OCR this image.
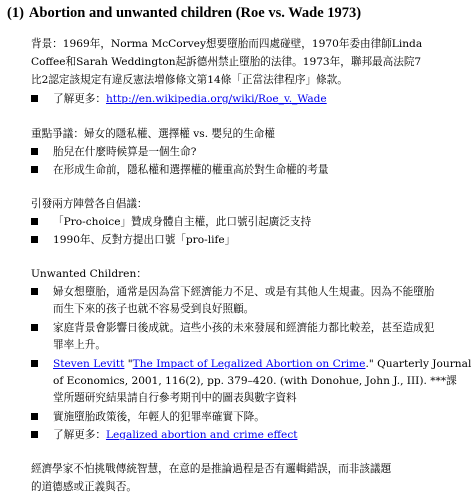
(1) Abortion and unwanted children (Roe vs. Wade 1973)
背景：1969年，Norma McCorvey想要墮胎而四處碰壁，1970年委由律師Linda
Coffee和Sarah Weddington起訴德州禁止墮胎的法律。1973年，聯邦最高法院7
比2認定該規定有違反憲法增修條文第14條「正當法律程序」條款。
了解更多：http://en.wikipedia.org/wiki/Roe_v._Wade
重點爭議：婦女的隱私權、選擇權 vs. 嬰兒的生命權
胎兒在什麼時候算是一個生命?
在形成生命前，隱私權和選擇權的權重高於對生命權的考量
引發兩方陣營各自倡議：
「Pro-choice」贊成身體自主權，此口號引起廣泛支持
1990年、反對方提出口號「pro-life」
Unwanted Children：
婦女想墮胎，通常是因為當下經濟能力不足、或是有其他人生規畫。因為不能墮胎而生下來的孩子也就不容易受到良好照顧。
家庭背景會影響日後成就。這些小孩的未來發展和經濟能力都比較差，甚至造成犯罪率上升。
Steven Levitt "The Impact of Legalized Abortion on Crime." Quarterly Journal
of Economics, 2001, 116(2), pp. 379–420. (with Donohue, John J., III). ***課
堂所題研究結果請自行參考期刊中的圖表與數字資料
實施墮胎政策後，年輕人的犯罪率確實下降。
了解更多：Legalized abortion and crime effect
經濟學家不怕挑戰傳統智慧，在意的是推論過程是否有邏輯錯誤，而非該議題
的道德感或正義與否。
